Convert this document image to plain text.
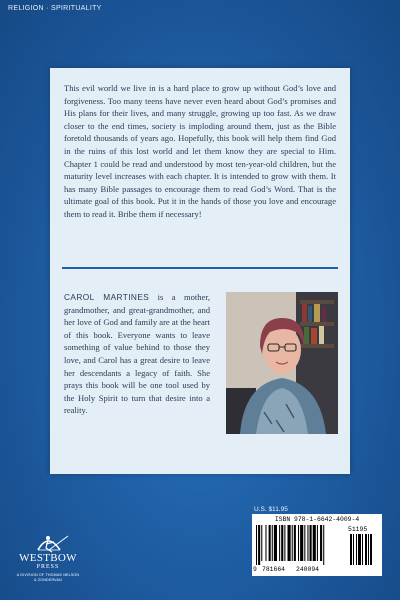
RELIGION · SPIRITUALITY

This evil world we live in is a hard place to grow up without God’s love and forgiveness. Too many teens have never even heard about God’s promises and His plans for their lives, and many struggle, growing up too fast. As we draw closer to the end times, society is imploding around them, just as the Bible foretold thousands of years ago. Hopefully, this book will help them find God in the ruins of this lost world and let them know they are special to Him. Chapter 1 could be read and understood by most ten-year-old children, but the maturity level increases with each chapter. It is intended to grow with them. It has many Bible passages to encourage them to read God’s Word. That is the ultimate goal of this book. Put it in the hands of those you love and encourage them to read it. Bribe them if necessary!

CAROL MARTINES is a mother, grandmother, and great-grandmother, and her love of God and family are at the heart of this book. Everyone wants to leave something of value behind to those they love, and Carol has a great desire to leave her descendants a legacy of faith. She prays this book will be one tool used by the Holy Spirit to turn that desire into a reality.

U.S. $11.95
ISBN 978-1-6642-4009-4
9 781664 240094
51195
WESTBOW
PRESS
A DIVISION OF THOMAS NELSON
& ZONDERVAN
